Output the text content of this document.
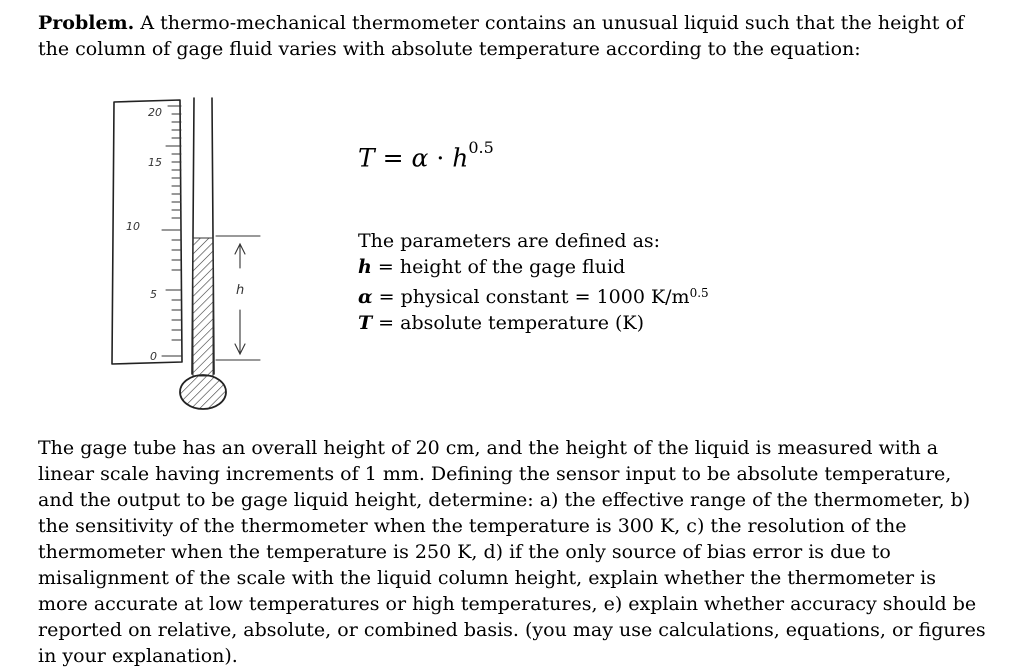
Problem. A thermo-mechanical thermometer contains an unusual liquid such that the height of the column of gage fluid varies with absolute temperature according to the equation:
20
15
10
5
0
h
$T = \alpha \cdot h^{0.5}$
The parameters are defined as:
h = height of the gage fluid
α = physical constant = 1000 $K/m^{0.5}$
T = absolute temperature (K)
The gage tube has an overall height of 20 cm, and the height of the liquid is measured with a linear scale having increments of 1 mm. Defining the sensor input to be absolute temperature, and the output to be gage liquid height, determine: a) the effective range of the thermometer, b) the sensitivity of the thermometer when the temperature is 300 K, c) the resolution of the thermometer when the temperature is 250 K, d) if the only source of bias error is due to misalignment of the scale with the liquid column height, explain whether the thermometer is more accurate at low temperatures or high temperatures, e) explain whether accuracy should be reported on relative, absolute, or combined basis. (you may use calculations, equations, or figures in your explanation).
